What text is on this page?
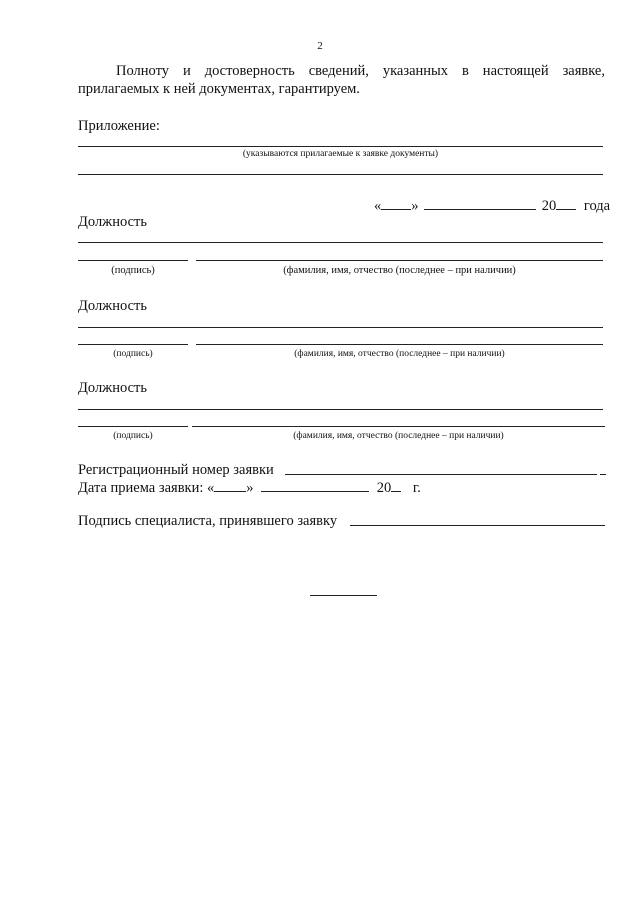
2
Полноту и достоверность сведений, указанных в настоящей заявке,
прилагаемых к ней документах, гарантируем.
Приложение:
(указываются прилагаемые к заявке документы)
« »	20 года
Должность
(подпись)	(фамилия, имя, отчество (последнее – при наличии)
Должность
(подпись)	(фамилия, имя, отчество (последнее – при наличии)
Должность
(подпись)	(фамилия, имя, отчество (последнее – при наличии)
Регистрационный номер заявки
Дата приема заявки: « »	20 г.
Подпись специалиста, принявшего заявку
